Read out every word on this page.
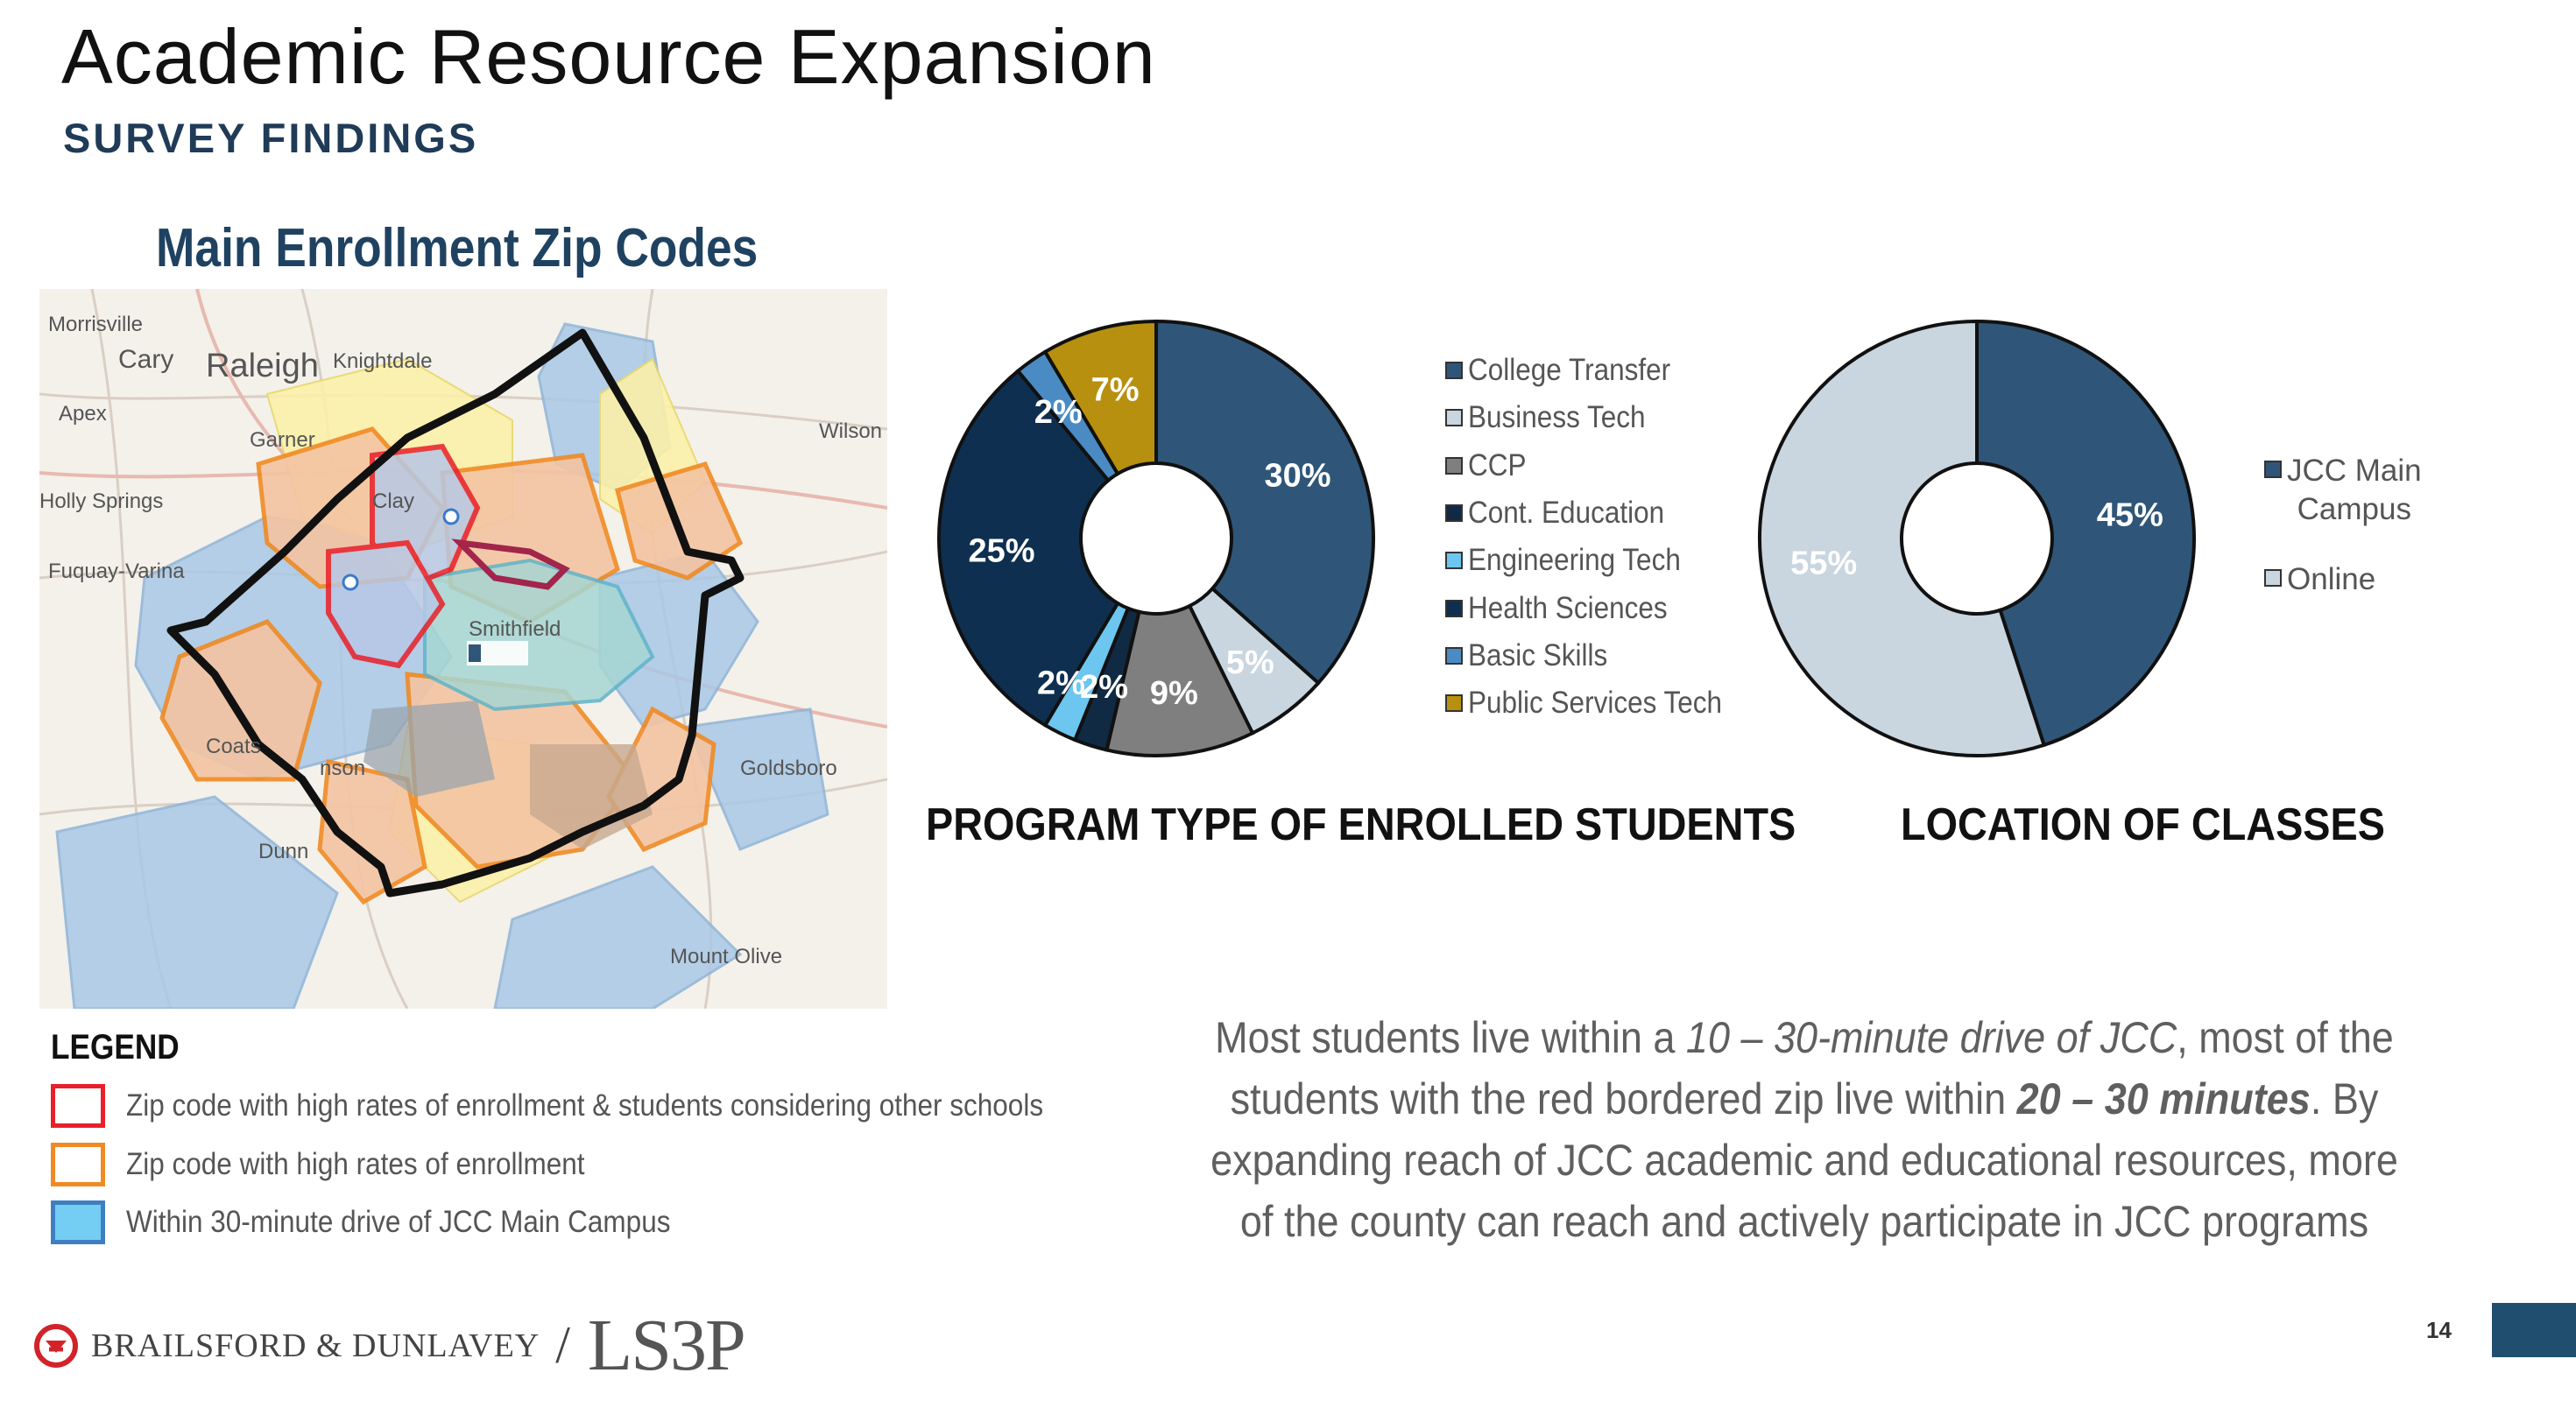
Academic Resource Expansion
SURVEY FINDINGS
Main Enrollment Zip Codes
Morrisville
Cary Raleigh Knightdale
Apex
Garner	Wilson
Holly Springs	Clay
Fuquay-Varina
Smithfield
Coats
nson	Goldsboro
Dunn
Mount Olive
LEGEND
Zip code with high rates of enrollment & students considering other schools
Zip code with high rates of enrollment
Within 30-minute drive of JCC Main Campus
30%
5%
9%
2%
2%
25%
2%
7%
College Transfer
Business Tech
CCP
Cont. Education
Engineering Tech
Health Sciences
Basic Skills
Public Services Tech
PROGRAM TYPE OF ENROLLED STUDENTS
45%
55%
JCC Main
Campus
Online
LOCATION OF CLASSES
Most students live within a 10 – 30-minute drive of JCC, most of the students with the red bordered zip live within 20 – 30 minutes. By expanding reach of JCC academic and educational resources, more of the county can reach and actively participate in JCC programs
BRAILSFORD & DUNLAVEY / LS3P	14
